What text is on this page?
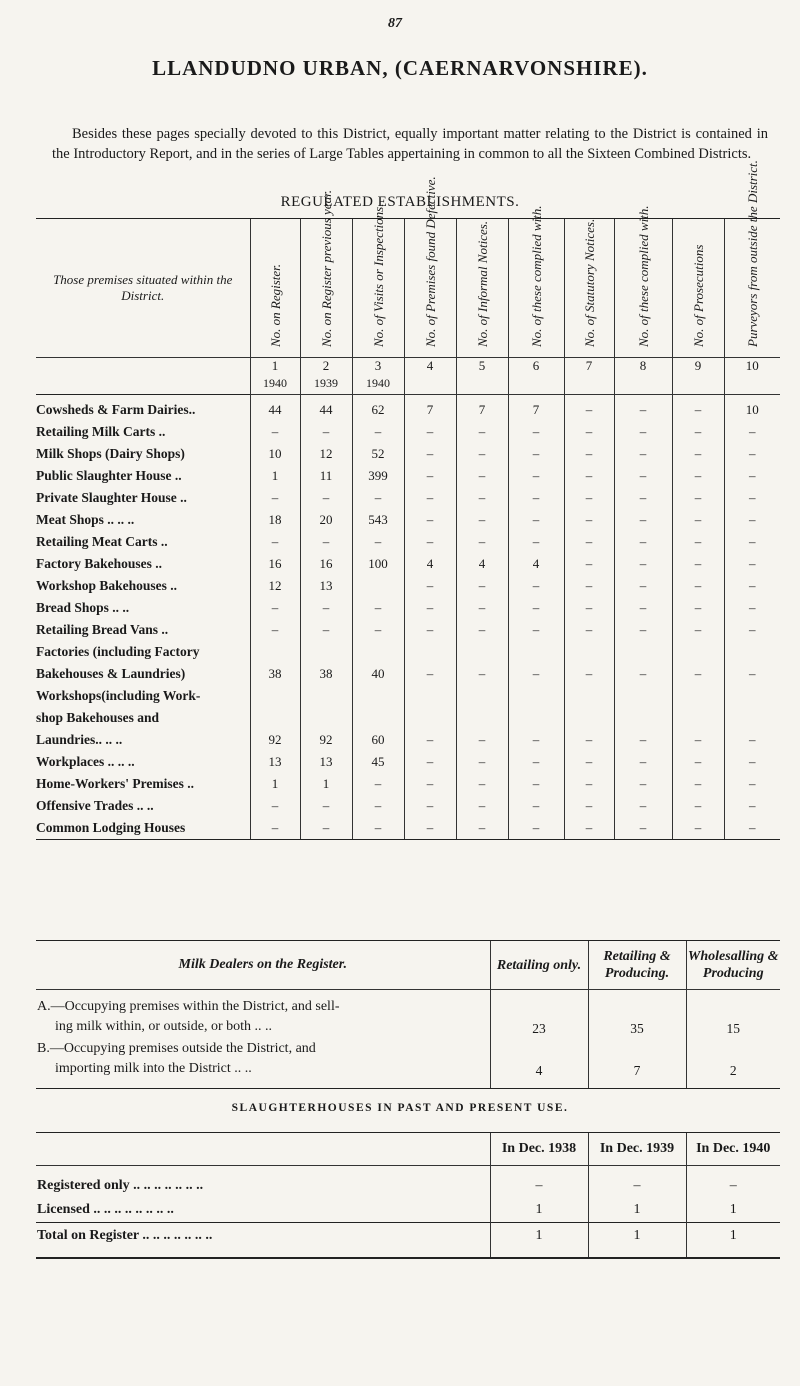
87
LLANDUDNO URBAN, (CAERNARVONSHIRE).
Besides these pages specially devoted to this District, equally important matter relating to the District is contained in the Introductory Report, and in the series of Large Tables appertaining in common to all the Sixteen Combined Districts.
REGULATED ESTABLISHMENTS.
Those premises situated within the District.	No. on Register.	No. on Register previous year.	No. of Visits or Inspections.	No. of Premises found Defective.	No. of Informal Notices.	No. of these complied with.	No. of Statutory Notices.	No. of these complied with.	No. of Prosecutions	Purveyors from outside the District.

	1	2	3	4	5	6	7	8	9	10
	1940	1939	1940							

Cowsheds & Farm Dairies..	44	44	62	7	7	7	–	–	–	10
Retailing Milk Carts ..	–	–	–	–	–	–	–	–	–	–
Milk Shops (Dairy Shops)	10	12	52	–	–	–	–	–	–	–
Public Slaughter House ..	1	11	399	–	–	–	–	–	–	–
Private Slaughter House ..	–	–	–	–	–	–	–	–	–	–
Meat Shops .. .. ..	18	20	543	–	–	–	–	–	–	–
Retailing Meat Carts ..	–	–	–	–	–	–	–	–	–	–
Factory Bakehouses ..	16	16	100	4	4	4	–	–	–	–
Workshop Bakehouses ..	12	13		–	–	–	–	–	–	–
Bread Shops .. ..	–	–	–	–	–	–	–	–	–	–
Retailing Bread Vans ..	–	–	–	–	–	–	–	–	–	–
Factories (including Factory										
Bakehouses & Laundries)	38	38	40	–	–	–	–	–	–	–
Workshops(including Work-										
shop Bakehouses and										
Laundries.. .. ..	92	92	60	–	–	–	–	–	–	–
Workplaces .. .. ..	13	13	45	–	–	–	–	–	–	–
Home-Workers' Premises ..	1	1	–	–	–	–	–	–	–	–
Offensive Trades .. ..	–	–	–	–	–	–	–	–	–	–
Common Lodging Houses	–	–	–	–	–	–	–	–	–	–
Milk Dealers on the Register.	Retailing only.	Retailing & Producing.	Wholesalling & Producing

A.—Occupying premises within the District, and sell-
ing milk within, or outside, or both .. ..	23	35	15

B.—Occupying premises outside the District, and
importing milk into the District .. ..	4	7	2

SLAUGHTERHOUSES IN PAST AND PRESENT USE.
	In Dec. 1938	In Dec. 1939	In Dec. 1940

Registered only .. .. .. .. .. .. ..	–	–	–
Licensed .. .. .. .. .. .. .. ..	1	1	1
Total on Register .. .. .. .. .. .. ..	1	1	1
